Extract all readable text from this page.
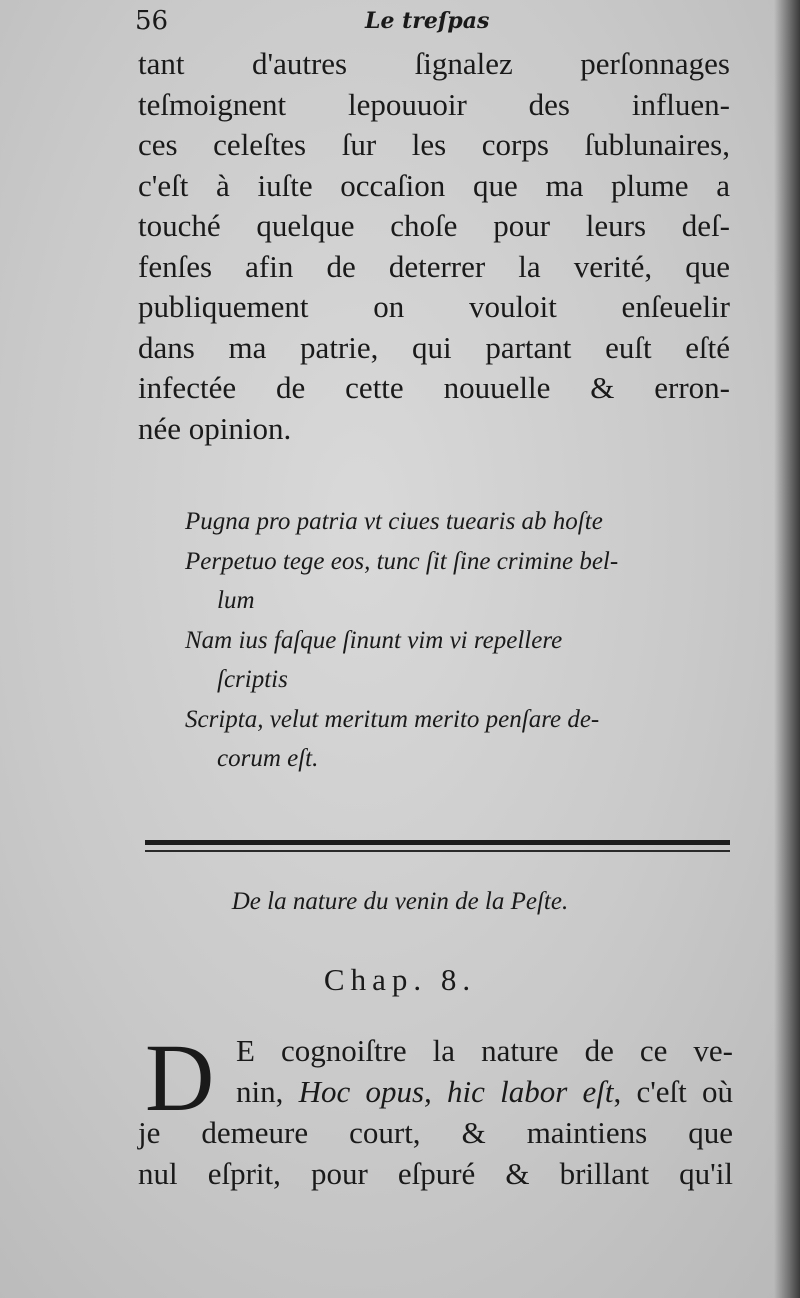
56	Le treſpas
tant d'autres ſignalez perſonnages
teſmoignent lepouuoir des influen-
ces celeſtes ſur les corps ſublunaires,
c'eſt à iuſte occaſion que ma plume a
touché quelque choſe pour leurs deſ-
fenſes afin de deterrer la verité, que
publiquement on vouloit enſeuelir
dans ma patrie, qui partant euſt eſté
infectée de cette nouuelle & erron-
née opinion.
Pugna pro patria vt ciues tuearis ab hoſte
Perpetuo tege eos, tunc ſit ſine crimine bel-
lum
Nam ius faſque ſinunt vim vi repellere
ſcriptis
Scripta, velut meritum merito penſare de-
corum eſt.
De la nature du venin de la Peſte.
Chap. 8.
D E cognoiſtre la nature de ce ve-
nin, Hoc opus, hic labor eſt, c'eſt où
je demeure court, & maintiens que
nul eſprit, pour eſpuré & brillant qu'il
